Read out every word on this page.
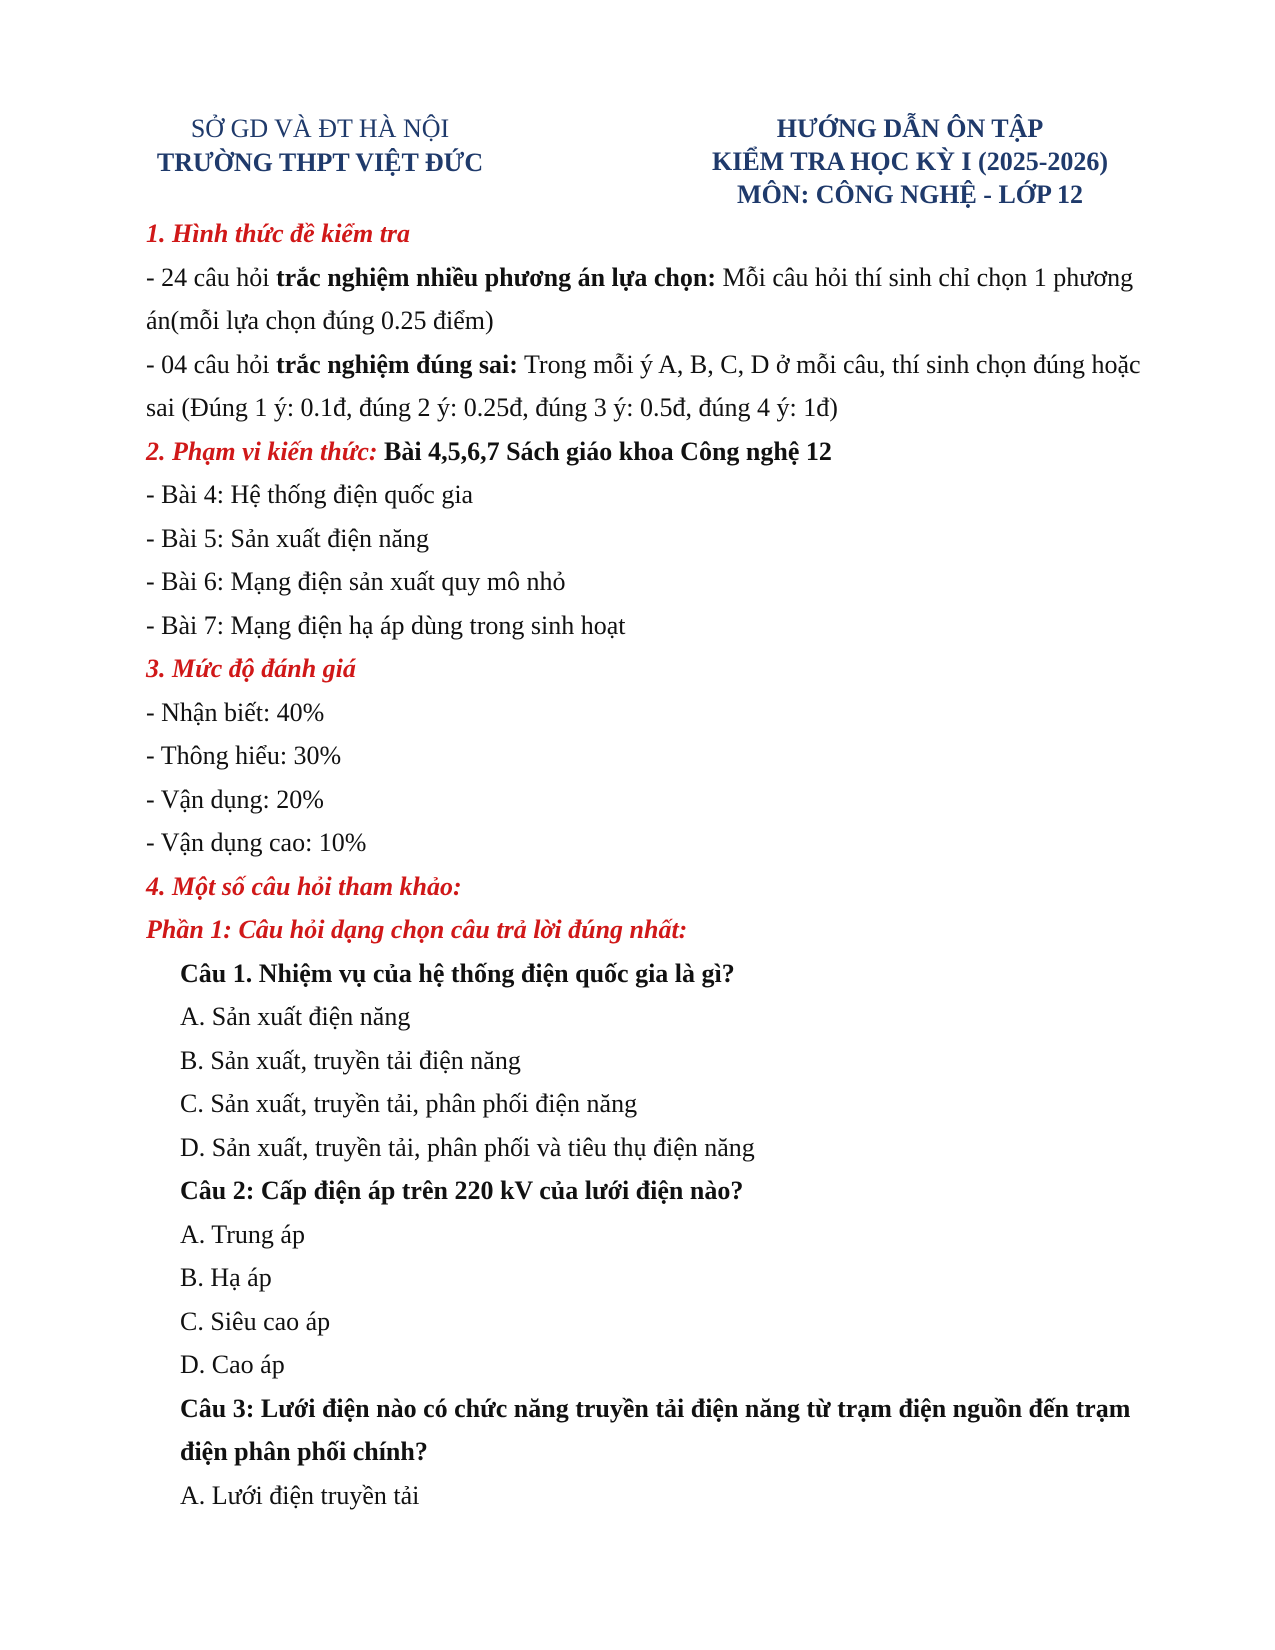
SỞ GD VÀ ĐT HÀ NỘI
TRƯỜNG THPT VIỆT ĐỨC
HƯỚNG DẪN ÔN TẬP
KIỂM TRA HỌC KỲ I (2025-2026)
MÔN: CÔNG NGHỆ - LỚP 12

1. Hình thức đề kiểm tra

- 24 câu hỏi trắc nghiệm nhiều phương án lựa chọn: Mỗi câu hỏi thí sinh chỉ chọn 1 phương án(mỗi lựa chọn đúng 0.25 điểm)

- 04 câu hỏi trắc nghiệm đúng sai: Trong mỗi ý A, B, C, D ở mỗi câu, thí sinh chọn đúng hoặc sai (Đúng 1 ý: 0.1đ, đúng 2 ý: 0.25đ, đúng 3 ý: 0.5đ, đúng 4 ý: 1đ)

2. Phạm vi kiến thức: Bài 4,5,6,7 Sách giáo khoa Công nghệ 12

- Bài 4: Hệ thống điện quốc gia

- Bài 5: Sản xuất điện năng

- Bài 6: Mạng điện sản xuất quy mô nhỏ

- Bài 7: Mạng điện hạ áp dùng trong sinh hoạt

3. Mức độ đánh giá

- Nhận biết: 40%

- Thông hiểu: 30%

- Vận dụng: 20%

- Vận dụng cao: 10%

4. Một số câu hỏi tham khảo:

Phần 1: Câu hỏi dạng chọn câu trả lời đúng nhất:

Câu 1. Nhiệm vụ của hệ thống điện quốc gia là gì?

A. Sản xuất điện năng

B. Sản xuất, truyền tải điện năng

C. Sản xuất, truyền tải, phân phối điện năng

D. Sản xuất, truyền tải, phân phối và tiêu thụ điện năng

Câu 2: Cấp điện áp trên 220 kV của lưới điện nào?

A. Trung áp

B. Hạ áp

C. Siêu cao áp

D. Cao áp

Câu 3: Lưới điện nào có chức năng truyền tải điện năng từ trạm điện nguồn đến trạm điện phân phối chính?

A. Lưới điện truyền tải
